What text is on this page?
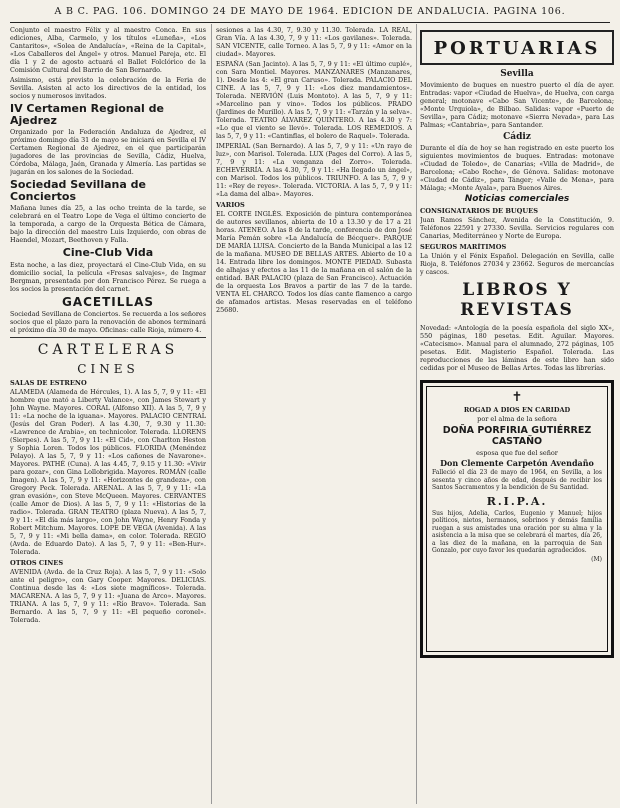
A B C. PAG. 106. DOMINGO 24 DE MAYO DE 1964. EDICION DE ANDALUCIA. PAGINA 106.

Conjunto el maestro Félix y al maestro Conca. En sus ediciones, Alba, Carmelo, y los títulos «Luneña», «Los Cantaritos», «Solea de Andalucía», «Reina de la Capital», «Los Caballeros del Ángel» y otros. Manuel Pareja, etc. El día 1 y 2 de agosto actuará el Ballet Folclórico de la Comisión Cultural del Barrio de San Bernardo.

Asimismo, está previsto la celebración de la Feria de Sevilla. Asisten al acto los directivos de la entidad, los socios y numerosos invitados.

IV Certamen Regional de Ajedrez

Organizado por la Federación Andaluza de Ajedrez, el próximo domingo día 31 de mayo se iniciará en Sevilla el IV Certamen Regional de Ajedrez, en el que participarán jugadores de las provincias de Sevilla, Cádiz, Huelva, Córdoba, Málaga, Jaén, Granada y Almería. Las partidas se jugarán en los salones de la Sociedad.

Sociedad Sevillana de Conciertos

Mañana lunes día 25, a las ocho treinta de la tarde, se celebrará en el Teatro Lope de Vega el último concierto de la temporada, a cargo de la Orquesta Bética de Cámara, bajo la dirección del maestro Luis Izquierdo, con obras de Haendel, Mozart, Beethoven y Falla.

Cine-Club Vida

Esta noche, a las diez, proyectará el Cine-Club Vida, en su domicilio social, la película «Fresas salvajes», de Ingmar Bergman, presentada por don Francisco Pérez. Se ruega a los socios la presentación del carnet.

GACETILLAS

Sociedad Sevillana de Conciertos. Se recuerda a los señores socios que el plazo para la renovación de abonos terminará el próximo día 30 de mayo. Oficinas: calle Rioja, número 4.

CARTELERAS
CINES
SALAS DE ESTRENO

ALAMEDA (Alameda de Hércules, 1). A las 5, 7, 9 y 11: «El hombre que mató a Liberty Valance», con James Stewart y John Wayne. Mayores. CORAL (Alfonso XII). A las 5, 7, 9 y 11: «La noche de la iguana». Mayores. PALACIO CENTRAL (Jesús del Gran Poder). A las 4.30, 7, 9.30 y 11.30: «Lawrence de Arabia», en technicolor. Tolerada. LLORENS (Sierpes). A las 5, 7, 9 y 11: «El Cid», con Charlton Heston y Sophia Loren. Todos los públicos. FLORIDA (Menéndez Pelayo). A las 5, 7, 9 y 11: «Los cañones de Navarone». Mayores. PATHÉ (Cuna). A las 4.45, 7, 9.15 y 11.30: «Vivir para gozar», con Gina Lollobrigida. Mayores. ROMÁN (calle Imagen). A las 5, 7, 9 y 11: «Horizontes de grandeza», con Gregory Peck. Tolerada. ARENAL. A las 5, 7, 9 y 11: «La gran evasión», con Steve McQueen. Mayores. CERVANTES (calle Amor de Dios). A las 5, 7, 9 y 11: «Historias de la radio». Tolerada. GRAN TEATRO (plaza Nueva). A las 5, 7, 9 y 11: «El día más largo», con John Wayne, Henry Fonda y Robert Mitchum. Mayores. LOPE DE VEGA (Avenida). A las 5, 7, 9 y 11: «Mi bella dama», en color. Tolerada. REGIO (Avda. de Eduardo Dato). A las 5, 7, 9 y 11: «Ben-Hur». Tolerada.

OTROS CINES

AVENIDA (Avda. de la Cruz Roja). A las 5, 7, 9 y 11: «Solo ante el peligro», con Gary Cooper. Mayores. DELICIAS. Continua desde las 4: «Los siete magníficos». Tolerada. MACARENA. A las 5, 7, 9 y 11: «Juana de Arco». Mayores. TRIANA. A las 5, 7, 9 y 11: «Río Bravo». Tolerada. San Bernardo. A las 5, 7, 9 y 11: «El pequeño coronel». Tolerada.

sesiones a las 4.30, 7, 9.30 y 11.30. Tolerada. LA REAL, Gran Vía. A las 4.30, 7, 9 y 11: «Los gavilanes». Tolerada. SAN VICENTE, calle Torneo. A las 5, 7, 9 y 11: «Amor en la ciudad». Mayores.

ESPAÑA (San Jacinto). A las 5, 7, 9 y 11: «El último cuplé», con Sara Montiel. Mayores. MANZANARES (Manzanares, 1). Desde las 4: «El gran Caruso». Tolerada. PALACIO DEL CINE. A las 5, 7, 9 y 11: «Los diez mandamientos». Tolerada. NERVIÓN (Luis Montoto). A las 5, 7, 9 y 11: «Marcelino pan y vino». Todos los públicos. PRADO (Jardines de Murillo). A las 5, 7, 9 y 11: «Tarzán y la selva». Tolerada. TEATRO ÁLVAREZ QUINTERO. A las 4.30 y 7: «Lo que el viento se llevó». Tolerada. LOS REMEDIOS. A las 5, 7, 9 y 11: «Cantinflas, el bolero de Raquel». Tolerada.

IMPERIAL (San Bernardo). A las 5, 7, 9 y 11: «Un rayo de luz», con Marisol. Tolerada. LUX (Pages del Corro). A las 5, 7, 9 y 11: «La venganza del Zorro». Tolerada. ECHEVERRÍA. A las 4.30, 7, 9 y 11: «Ha llegado un ángel», con Marisol. Todos los públicos. TRIUNFO. A las 5, 7, 9 y 11: «Rey de reyes». Tolerada. VICTORIA. A las 5, 7, 9 y 11: «La dama del alba». Mayores.

VARIOS

EL CORTE INGLÉS. Exposición de pintura contemporánea de autores sevillanos, abierta de 10 a 13.30 y de 17 a 21 horas. ATENEO. A las 8 de la tarde, conferencia de don José María Pemán sobre «La Andalucía de Bécquer». PARQUE DE MARÍA LUISA. Concierto de la Banda Municipal a las 12 de la mañana. MUSEO DE BELLAS ARTES. Abierto de 10 a 14. Entrada libre los domingos. MONTE PIEDAD. Subasta de alhajas y efectos a las 11 de la mañana en el salón de la entidad. BAR PALACIO (plaza de San Francisco). Actuación de la orquesta Los Bravos a partir de las 7 de la tarde. VENTA EL CHARCO. Todos los días cante flamenco a cargo de afamados artistas. Mesas reservadas en el teléfono 25680.

PORTUARIAS
Sevilla

Movimiento de buques en nuestro puerto el día de ayer. Entradas: vapor «Ciudad de Huelva», de Huelva, con carga general; motonave «Cabo San Vicente», de Barcelona; «Monte Urquiola», de Bilbao. Salidas: vapor «Puerto de Sevilla», para Cádiz; motonave «Sierra Nevada», para Las Palmas; «Cantabria», para Santander.

Cádiz

Durante el día de hoy se han registrado en este puerto los siguientes movimientos de buques. Entradas: motonave «Ciudad de Toledo», de Canarias; «Villa de Madrid», de Barcelona; «Cabo Roche», de Génova. Salidas: motonave «Ciudad de Cádiz», para Tánger; «Valle de Mena», para Málaga; «Monte Ayala», para Buenos Aires.

Noticias comerciales
CONSIGNATARIOS DE BUQUES

Juan Ramos Sánchez, Avenida de la Constitución, 9. Teléfonos 22591 y 27330. Sevilla. Servicios regulares con Canarias, Mediterráneo y Norte de Europa.

SEGUROS MARÍTIMOS

La Unión y el Fénix Español. Delegación en Sevilla, calle Rioja, 8. Teléfonos 27034 y 23662. Seguros de mercancías y cascos.

LIBROS Y REVISTAS

Novedad: «Antología de la poesía española del siglo XX», 550 páginas, 180 pesetas. Edit. Aguilar. Mayores. «Catecismo». Manual para el alumnado, 272 páginas, 105 pesetas. Edit. Magisterio Español. Tolerada. Las reproducciones de las láminas de este libro han sido cedidas por el Museo de Bellas Artes. Todas las librerías.

✝
ROGAD A DIOS EN CARIDAD
por el alma de la señora
DOÑA PORFIRIA GUTIÉRREZ CASTAÑO
esposa que fue del señor
Don Clemente Carpetón Avendaño

Falleció el día 23 de mayo de 1964, en Sevilla, a los sesenta y cinco años de edad, después de recibir los Santos Sacramentos y la bendición de Su Santidad.

R.I.P.A.

Sus hijos, Adelia, Carlos, Eugenio y Manuel; hijos políticos, nietos, hermanos, sobrinos y demás familia ruegan a sus amistades una oración por su alma y la asistencia a la misa que se celebrará el martes, día 26, a las diez de la mañana, en la parroquia de San Gonzalo, por cuyo favor les quedarán agradecidos.

(M)
